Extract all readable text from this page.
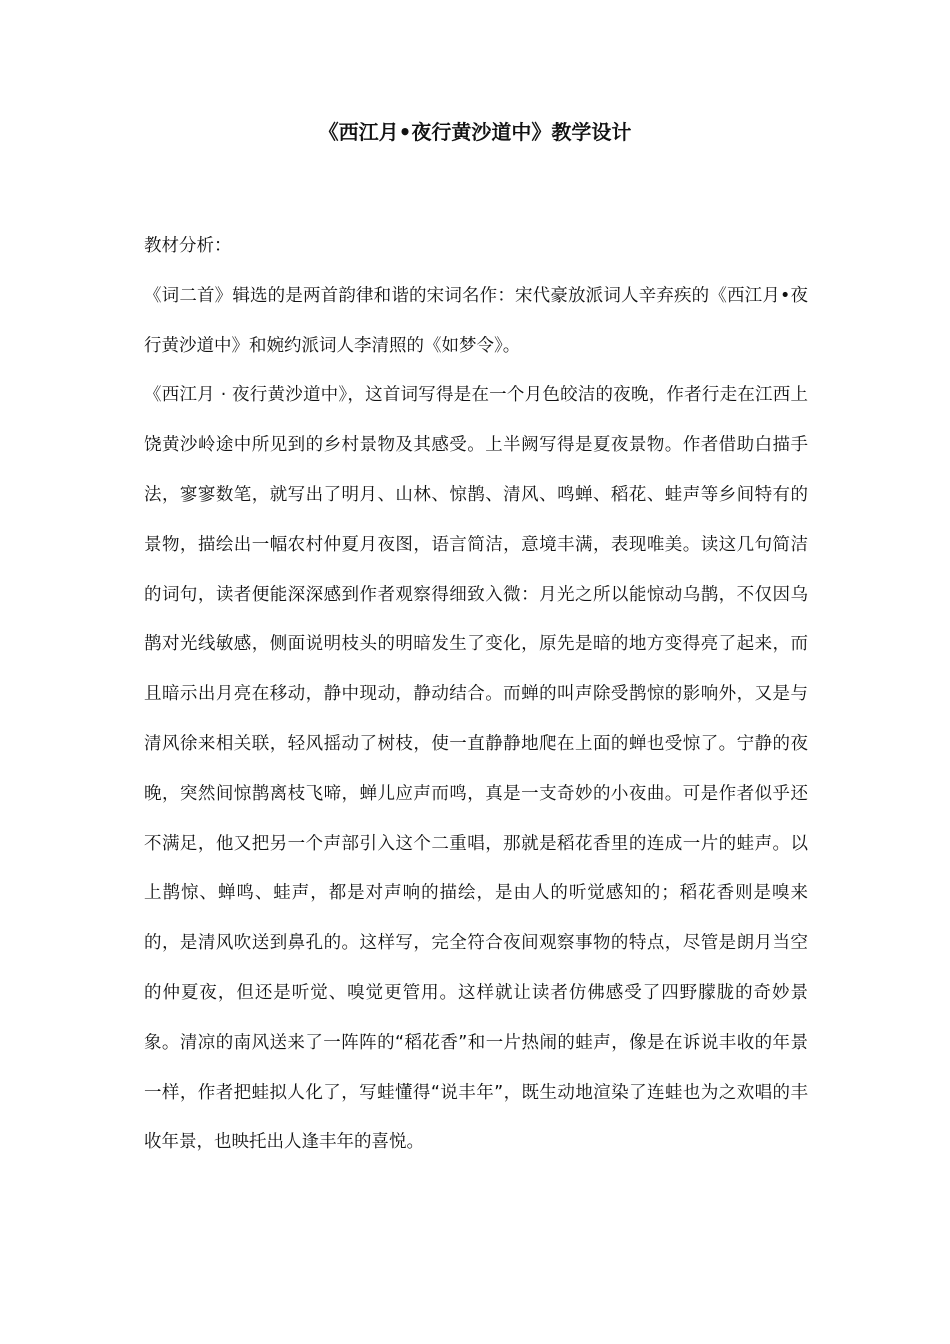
《西江月•夜行黄沙道中》教学设计

教材分析：

《词二首》辑选的是两首韵律和谐的宋词名作：宋代豪放派词人辛弃疾的《西江月•夜行黄沙道中》和婉约派词人李清照的《如梦令》。

《西江月 · 夜行黄沙道中》，这首词写得是在一个月色皎洁的夜晚，作者行走在江西上饶黄沙岭途中所见到的乡村景物及其感受。上半阙写得是夏夜景物。作者借助白描手法，寥寥数笔，就写出了明月、山林、惊鹊、清风、鸣蝉、稻花、蛙声等乡间特有的景物，描绘出一幅农村仲夏月夜图，语言简洁，意境丰满，表现唯美。读这几句简洁的词句，读者便能深深感到作者观察得细致入微：月光之所以能惊动乌鹊，不仅因乌鹊对光线敏感，侧面说明枝头的明暗发生了变化，原先是暗的地方变得亮了起来，而且暗示出月亮在移动，静中现动，静动结合。而蝉的叫声除受鹊惊的影响外，又是与清风徐来相关联，轻风摇动了树枝，使一直静静地爬在上面的蝉也受惊了。宁静的夜晚，突然间惊鹊离枝飞啼，蝉儿应声而鸣，真是一支奇妙的小夜曲。可是作者似乎还不满足，他又把另一个声部引入这个二重唱，那就是稻花香里的连成一片的蛙声。以上鹊惊、蝉鸣、蛙声，都是对声响的描绘，是由人的听觉感知的；稻花香则是嗅来的，是清风吹送到鼻孔的。这样写，完全符合夜间观察事物的特点，尽管是朗月当空的仲夏夜，但还是听觉、嗅觉更管用。这样就让读者仿佛感受了四野朦胧的奇妙景象。清凉的南风送来了一阵阵的“稻花香”和一片热闹的蛙声，像是在诉说丰收的年景一样，作者把蛙拟人化了，写蛙懂得“说丰年”，既生动地渲染了连蛙也为之欢唱的丰收年景，也映托出人逢丰年的喜悦。
